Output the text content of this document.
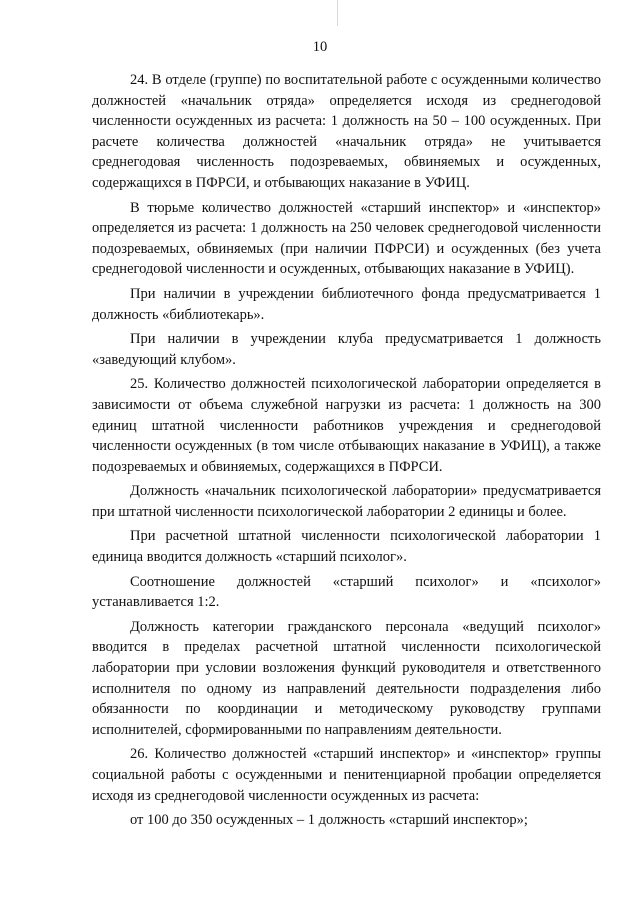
10

24. В отделе (группе) по воспитательной работе с осужденными количество должностей «начальник отряда» определяется исходя из среднегодовой численности осужденных из расчета: 1 должность на 50 – 100 осужденных. При расчете количества должностей «начальник отряда» не учитывается среднегодовая численность подозреваемых, обвиняемых и осужденных, содержащихся в ПФРСИ, и отбывающих наказание в УФИЦ.

В тюрьме количество должностей «старший инспектор» и «инспектор» определяется из расчета: 1 должность на 250 человек среднегодовой численности подозреваемых, обвиняемых (при наличии ПФРСИ) и осужденных (без учета среднегодовой численности и осужденных, отбывающих наказание в УФИЦ).

При наличии в учреждении библиотечного фонда предусматривается 1 должность «библиотекарь».

При наличии в учреждении клуба предусматривается 1 должность «заведующий клубом».

25. Количество должностей психологической лаборатории определяется в зависимости от объема служебной нагрузки из расчета: 1 должность на 300 единиц штатной численности работников учреждения и среднегодовой численности осужденных (в том числе отбывающих наказание в УФИЦ), а также подозреваемых и обвиняемых, содержащихся в ПФРСИ.

Должность «начальник психологической лаборатории» предусматривается при штатной численности психологической лаборатории 2 единицы и более.

При расчетной штатной численности психологической лаборатории 1 единица вводится должность «старший психолог».

Соотношение должностей «старший психолог» и «психолог» устанавливается 1:2.

Должность категории гражданского персонала «ведущий психолог» вводится в пределах расчетной штатной численности психологической лаборатории при условии возложения функций руководителя и ответственного исполнителя по одному из направлений деятельности подразделения либо обязанности по координации и методическому руководству группами исполнителей, сформированными по направлениям деятельности.

26. Количество должностей «старший инспектор» и «инспектор» группы социальной работы с осужденными и пенитенциарной пробации определяется исходя из среднегодовой численности осужденных из расчета:

от 100 до 350 осужденных – 1 должность «старший инспектор»;
